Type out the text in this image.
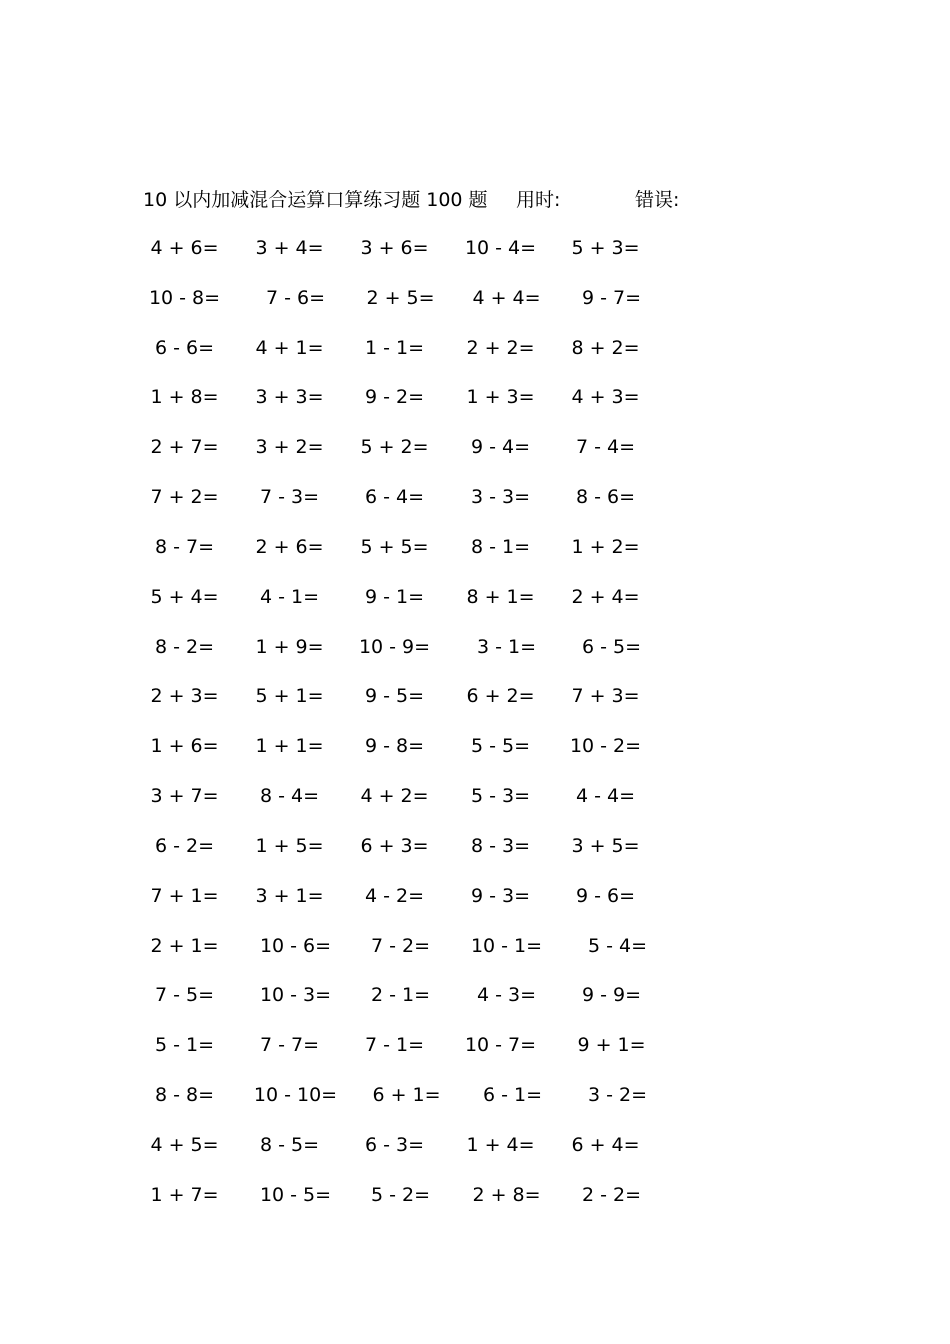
10 以内加减混合运算口算练习题 100 题 用时:	错误:
4 + 6=	3 + 4=	3 + 6=	10 - 4=	5 + 3=
10 - 8=	7 - 6=	2 + 5=	4 + 4=	9 - 7=
6 - 6=	4 + 1=	1 - 1=	2 + 2=	8 + 2=
1 + 8=	3 + 3=	9 - 2=	1 + 3=	4 + 3=
2 + 7=	3 + 2=	5 + 2=	9 - 4=	7 - 4=
7 + 2=	7 - 3=	6 - 4=	3 - 3=	8 - 6=
8 - 7=	2 + 6=	5 + 5=	8 - 1=	1 + 2=
5 + 4=	4 - 1=	9 - 1=	8 + 1=	2 + 4=
8 - 2=	1 + 9=	10 - 9=	3 - 1=	6 - 5=
2 + 3=	5 + 1=	9 - 5=	6 + 2=	7 + 3=
1 + 6=	1 + 1=	9 - 8=	5 - 5=	10 - 2=
3 + 7=	8 - 4=	4 + 2=	5 - 3=	4 - 4=
6 - 2=	1 + 5=	6 + 3=	8 - 3=	3 + 5=
7 + 1=	3 + 1=	4 - 2=	9 - 3=	9 - 6=
2 + 1=	10 - 6=	7 - 2=	10 - 1=	5 - 4=
7 - 5=	10 - 3=	2 - 1=	4 - 3=	9 - 9=
5 - 1=	7 - 7=	7 - 1=	10 - 7=	9 + 1=
8 - 8=	10 - 10=	6 + 1=	6 - 1=	3 - 2=
4 + 5=	8 - 5=	6 - 3=	1 + 4=	6 + 4=
1 + 7=	10 - 5=	5 - 2=	2 + 8=	2 - 2=
